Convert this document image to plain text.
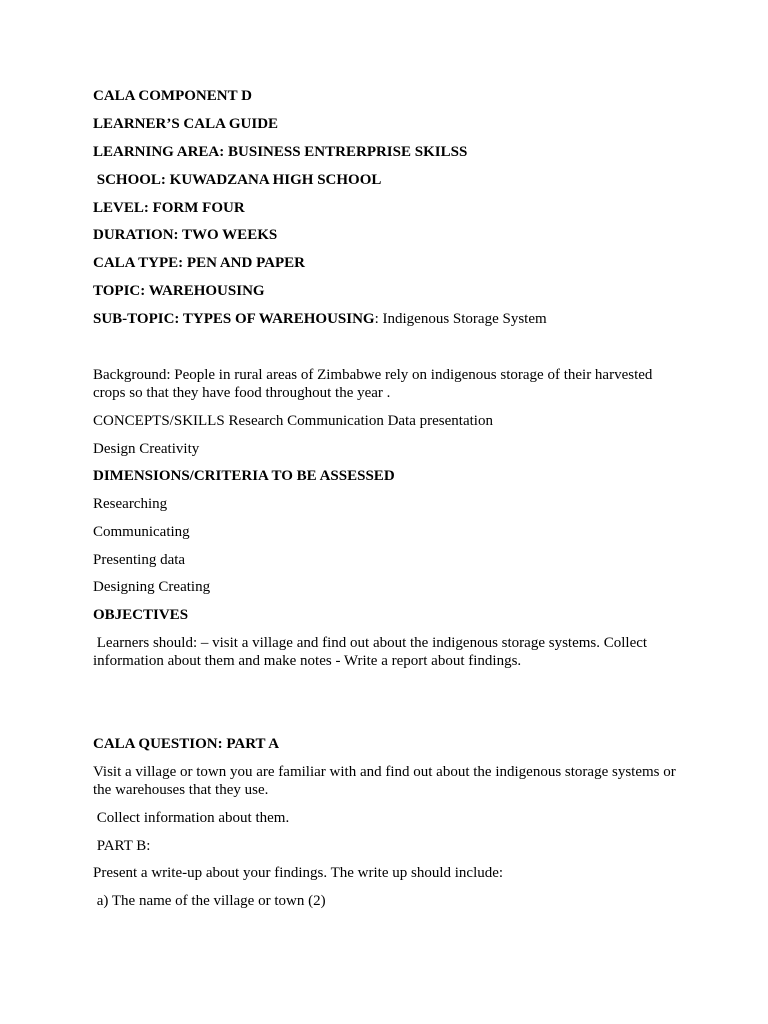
CALA COMPONENT D

LEARNER’S CALA GUIDE

LEARNING AREA: BUSINESS ENTRERPRISE SKILSS

SCHOOL: KUWADZANA HIGH SCHOOL

LEVEL: FORM FOUR

DURATION: TWO WEEKS

CALA TYPE: PEN AND PAPER

TOPIC: WAREHOUSING

SUB-TOPIC: TYPES OF WAREHOUSING: Indigenous Storage System

Background: People in rural areas of Zimbabwe rely on indigenous storage of their harvested crops so that they have food throughout the year .

CONCEPTS/SKILLS Research Communication Data presentation

Design Creativity

DIMENSIONS/CRITERIA TO BE ASSESSED

Researching

Communicating

Presenting data

Designing Creating

OBJECTIVES

Learners should: – visit a village and find out about the indigenous storage systems. Collect information about them and make notes - Write a report about findings.

CALA QUESTION: PART A

Visit a village or town you are familiar with and find out about the indigenous storage systems or the warehouses that they use.

Collect information about them.

PART B:

Present a write-up about your findings. The write up should include:

a) The name of the village or town (2)
